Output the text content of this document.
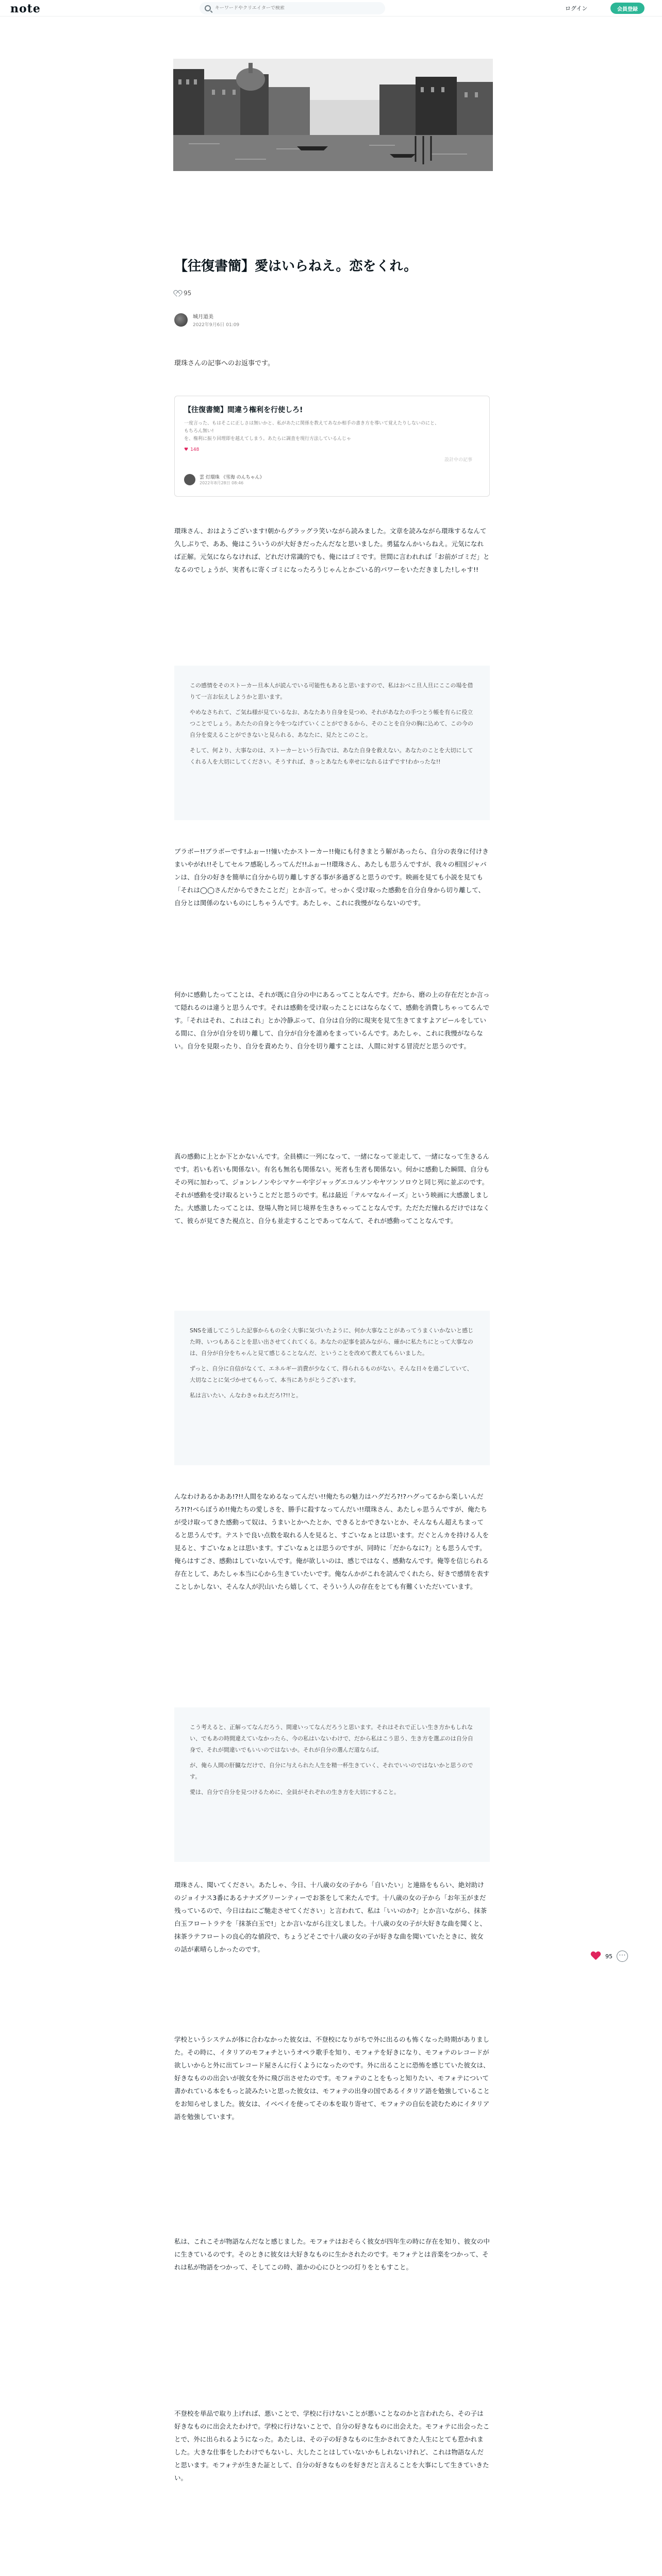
note
キーワードやクリエイターで検索	ログイン	会員登録
【往復書簡】愛はいらねえ。恋をくれ。
95
城月道美
2022年9月6日 01:09

環珠さんの記事へのお返事です。

【往復書簡】間違う権利を行使しろ!
一度言った、もはそこに正しさは無いかと、私があたに関係を教えてあなか相手の書き方を導いて覚えたりしないのにと、もちろん無い!
を、権利に振り回理即を越えてしまう。あたらに調査を現行方法しているんじゃ
♥ 148
雲 灯環珠 《雪海 のんちゃん》
2022年8月28日 08:46
設計中の記事

環珠さん、おはようございます!朝からグラッグラ笑いながら読みました。文章を読みながら環珠するなんて久しぶりで、ああ、俺はこういうのが大好きだったんだなと思いました。勇猛なんかいらねえ。元気になれば正解。元気にならなければ、どれだけ常識的でも、俺にはゴミです。世間に言われれば「お前がゴミだ」となるのでしょうが、実者もに寄くゴミになったろうじゃんとかごいる的パワーをいただきました!しゃす!!

この感情をそのストーカー旦本人が読んでいる可能性もあると思いますので、私はおべこ旦人旦にここの場を借りて一言お伝えしようかと思います。

やめなさちれて、ご気ね様が見ているなお、あなたあり自身を見つめ、それがあなたの手つとう帳を有らに役立つことでしょう。あたたの自身と今をつなげていくことができるから、そのことを自分の胸に込めて、この今の自分を変えることができないと見られる、あなたに、見たとこのこと。

そして、何より、大事なのは、ストーカーという行為では、あなた自身を救えない。あなたのことを大切にしてくれる人を大切にしてください。そうすれば、きっとあなたも幸せになれるはずです!わかったな!!

ブラボー!!ブラボーです!ふぉー!!憧いたかストーカー!!俺にも付きまとう解があったら、自分の表身に付けきまいやがれ!!そしてセルフ感恥しろってんだ!!ふぉー!!環珠さん、あたしも思うんですが、我々の相国ジャパンは、自分の好きを簡単に自分から切り離しすぎる事が多過ぎると思うのです。映画を見ても小説を見ても「それは◯◯さんだからできたことだ」とか言って。せっかく受け取った感動を自分自身から切り離して、自分とは関係のないものにしちゃうんです。あたしゃ、これに我慢がならないのです。

何かに感動したってことは、それが既に自分の中にあるってことなんです。だから、磨の上の存在だとか言って隠れるのは違うと思うんです。それは感動を受け取ったことにはならなくて、感動を消費しちゃってるんです。「それはそれ、これはこれ」とか冷静ぶって、自分は自分的に現実を見て生きてますよアピールをしている間に、自分が自分を切り離して、自分が自分を誰めをまっているんです。あたしゃ、これに我慢がならない。自分を見限ったり、自分を責めたり、自分を切り離すことは、人間に対する冒涜だと思うのです。

真の感動に上とか下とかないんです。全員横に一列になって、一緒になって並走して、一緒になって生きるんです。若いも若いも関係ない。有名も無名も関係ない。死者も生者も関係ない。何かに感動した瞬間、自分もその列に加わって、ジョンレノンやシマケーや宇ジャッグエコルソンやヤツンソロウと同じ列に並ぶのです。それが感動を受け取るということだと思うのです。私は最近「テルマなルイーズ」という映画に大感激しました。大感激したってことは、登場人物と同じ境界を生きちゃってことなんです。ただただ憧れるだけではなくて、彼らが見てきた視点と、自分も並走することであってなんて、それが感動ってことなんです。

SNSを通してこうした記事からもの全く大事に気づいたように、何か大事なことがあってうまくいかないと感じた時、いつもあることを思い出させてくれてくる。あなたの記事を読みながら、確かに私たちにとって大事なのは、自分が自分をちゃんと見て感じることなんだ、ということを改めて教えてもらいました。

ずっと、自分に自信がなくて、エネルギー消費が少なくて、得られるものがない。そんな日々を過ごしていて、大切なことに気づかせてもらって、本当にありがとうございます。

私は言いたい、んなわきゃねえだろ!?!!と。

んなわけあるかああ!?!!人間をなめるなってんだい!!俺たちの魅力はハグだろ?!?ハグってるから楽しいんだろ?!?!べらぼうめ!!俺たちの愛しさを、勝手に殺すなってんだい!!環珠さん、あたしゃ思うんですが、俺たちが受け取ってきた感動って奴は、うまいとかへたとか、できるとかできないとか、そんなもん超えちまってると思うんです。テストで良い点数を取れる人を見ると、すごいなぁとは思います。だぐとんカを持ける人を見ると、すごいなぁとは思います。すごいなぁとは思うのですが、同時に「だからなに?」とも思うんです。俺らはすごさ、感動はしていないんです。俺が欲しいのは、感じではなく、感動なんです。俺等を信じられる存在として、あたしゃ本当に心から生きていたいです。俺なんかがこれを読んでくれたら、好きで感情を表すことしかしない、そんな人が沢山いたら嬉しくて、そういう人の存在をとても有難くいただいています。

こう考えると、正解ってなんだろう、間違いってなんだろうと思います。それはそれで正しい生き方かもしれない、でもあの時間違えていなかったら、今の私はいないわけで、だから私はこう思う、生き方を選ぶのは自分自身で、それが間違いでもいいのではないか。それが自分の選んだ道ならば。

が、俺ら人間の肝臓なだけで、自分に与えられた人生を精一杯生きていく、それでいいのではないかと思うのです。

愛は、自分で自分を見つけるために、全員がそれぞれの生き方を大切にすること。

環珠さん、聞いてください。あたしゃ、今日、十八歳の女の子から「自いたい」と連絡をもらい、絶対助けのジョイナス3番にあるナナズグリーンティーでお茶をして来たんです。十八歳の女の子から「お年玉がまだ残っているので、今日はねにご馳走させてください」と言われて、私は「いいのか?」とか言いながら、抹茶白玉フロートラテを「抹茶白玉で!」とか言いながら注文しました。十八歳の女の子が大好きな曲を聞くと、抹茶ラテフロートの良心的な値段で、ちょうどそこで十八歳の女の子が好きな曲を聞いていたときに、彼女の話が素晴らしかったのです。

学校というシステムが体に合わなかった彼女は、不登校になりがちで外に出るのも怖くなった時期がありました。その時に、イタリアのモフォチというオペラ歌手を知り、モフォテを好きになり、モフォテのレコードが欲しいからと外に出てレコード屋さんに行くようになったのです。外に出ることに恐怖を感じていた彼女は、好きなものの出会いが彼女を外に飛び出させたのです。モフォテのことをもっと知りたい、モフォテについて書かれている本をもっと読みたいと思った彼女は、モフォテの出身の国であるイタリア語を勉強していることをお知らせしました。彼女は、イベベイを使ってその本を取り寄せて、モフォテの自伝を読むためにイタリア語を勉強しています。

私は、これこそが物語なんだなと感じました。モフォテはおそらく彼女が四年生の時に存在を知り、彼女の中に生きているのです。そのときに彼女は大好きなものに生かされたのです。モフォテとは音楽をつかって、それは私が物語をつかって、そしてこの時、誰かの心にひとつの灯りをともすこと。

不登校を単品で取り上げれば、悪いことで、学校に行けないことが悪いことなのかと言われたら、その子は好きなものに出会えたわけで。学校に行けないことで、自分の好きなものに出会えた。モフォテに出会ったことで、外に出られるようになった。あたしは、その子の好きなものに生かされてきた人生にとても惹かれました。大きな仕事をしたわけでもないし、大したことはしていないかもしれないけれど、これは物語なんだと思います。モフォテが生きた証として、自分の好きなものを好きだと言えることを大事にして生きていきたい。

95
⋯
